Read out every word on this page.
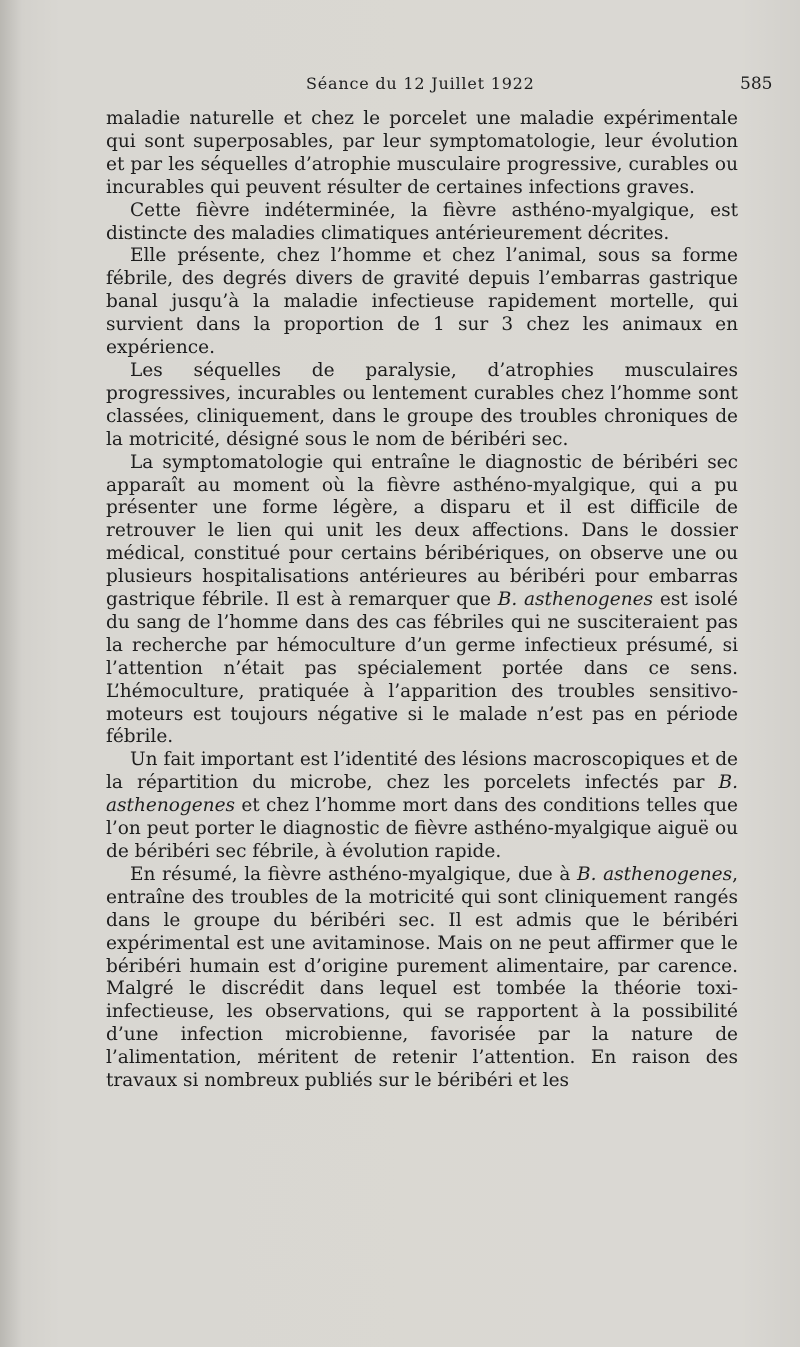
Séance du 12 Juillet 1922	585

maladie naturelle et chez le porcelet une maladie expérimentale qui sont superposables, par leur symptomatologie, leur évolution et par les séquelles d’atrophie musculaire progressive, curables ou incurables qui peuvent résulter de certaines infections graves.

Cette fièvre indéterminée, la fièvre asthéno-myalgique, est distincte des maladies climatiques antérieurement décrites.

Elle présente, chez l’homme et chez l’animal, sous sa forme fébrile, des degrés divers de gravité depuis l’embarras gastrique banal jusqu’à la maladie infectieuse rapidement mortelle, qui survient dans la proportion de 1 sur 3 chez les animaux en expérience.

Les séquelles de paralysie, d’atrophies musculaires progressives, incurables ou lentement curables chez l’homme sont classées, cliniquement, dans le groupe des troubles chroniques de la motricité, désigné sous le nom de béribéri sec.

La symptomatologie qui entraîne le diagnostic de béribéri sec apparaît au moment où la fièvre asthéno-myalgique, qui a pu présenter une forme légère, a disparu et il est difficile de retrouver le lien qui unit les deux affections. Dans le dossier médical, constitué pour certains béribériques, on observe une ou plusieurs hospitalisations antérieures au béribéri pour embarras gastrique fébrile. Il est à remarquer que B. asthenogenes est isolé du sang de l’homme dans des cas fébriles qui ne susciteraient pas la recherche par hémoculture d’un germe infectieux présumé, si l’attention n’était pas spécialement portée dans ce sens. L’hémoculture, pratiquée à l’apparition des troubles sensitivo-moteurs est toujours négative si le malade n’est pas en période fébrile.

Un fait important est l’identité des lésions macroscopiques et de la répartition du microbe, chez les porcelets infectés par B. asthenogenes et chez l’homme mort dans des conditions telles que l’on peut porter le diagnostic de fièvre asthéno-myalgique aiguë ou de béribéri sec fébrile, à évolution rapide.

En résumé, la fièvre asthéno-myalgique, due à B. asthenogenes, entraîne des troubles de la motricité qui sont cliniquement rangés dans le groupe du béribéri sec. Il est admis que le béribéri expérimental est une avitaminose. Mais on ne peut affirmer que le béribéri humain est d’origine purement alimentaire, par carence. Malgré le discrédit dans lequel est tombée la théorie toxi-infectieuse, les observations, qui se rapportent à la possibilité d’une infection microbienne, favorisée par la nature de l’alimentation, méritent de retenir l’attention. En raison des travaux si nombreux publiés sur le béribéri et les
